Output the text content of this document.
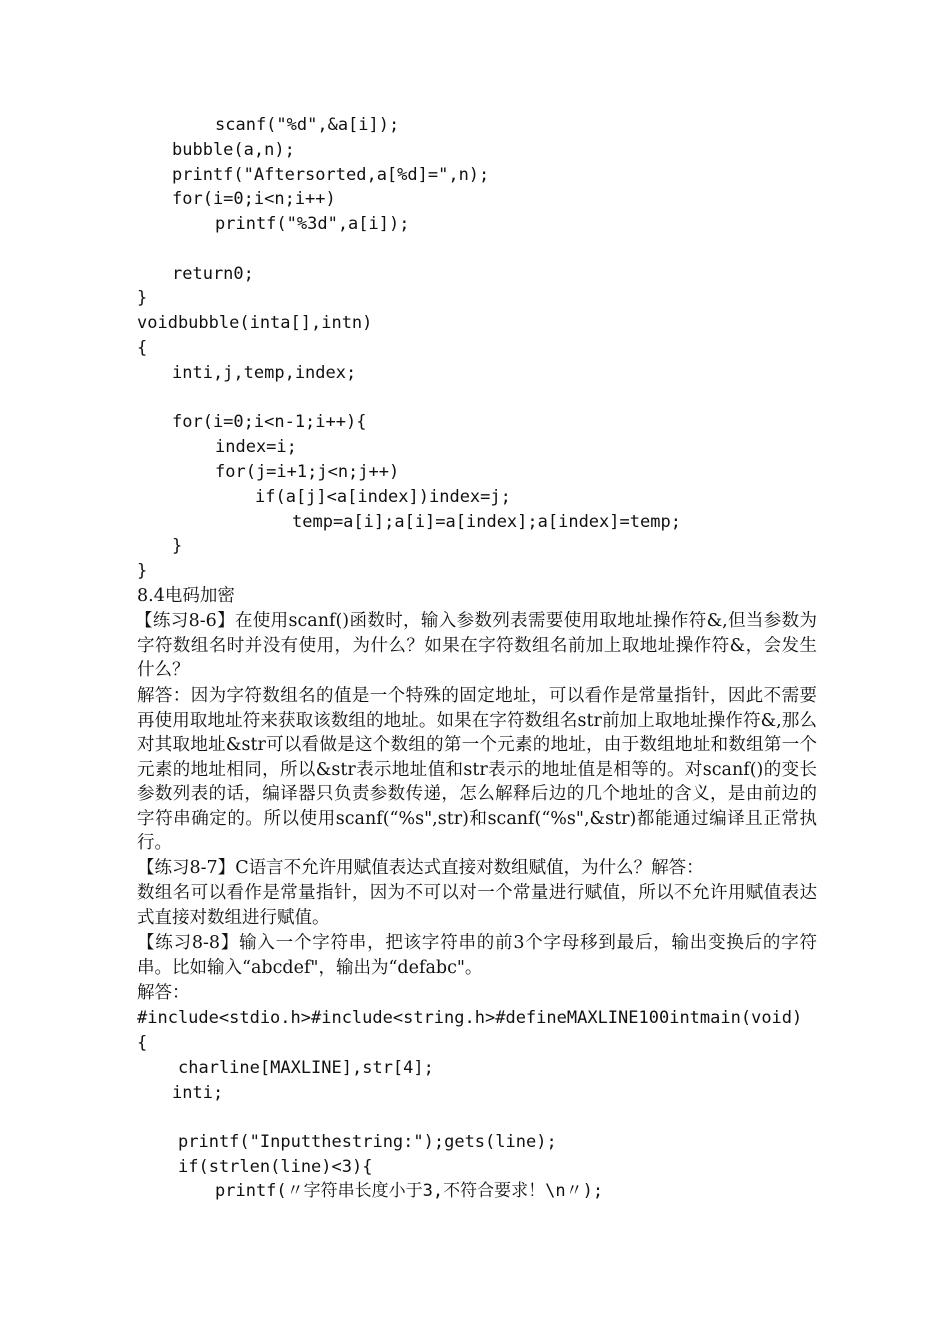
scanf("%d",&a[i]);
bubble(a,n);
printf("Aftersorted,a[%d]=",n);
for(i=0;i<n;i++)
printf("%3d",a[i]);
return0;
}
voidbubble(inta[],intn)
{
inti,j,temp,index;
for(i=0;i<n-1;i++){
index=i;
for(j=i+1;j<n;j++)
if(a[j]<a[index])index=j;
temp=a[i];a[i]=a[index];a[index]=temp;
}
}
8.4电码加密
【练习8-6】在使用scanf()函数时，输入参数列表需要使用取地址操作符&,但当参数为字符数组名时并没有使用，为什么？如果在字符数组名前加上取地址操作符&，会发生什么？
解答：因为字符数组名的值是一个特殊的固定地址，可以看作是常量指针，因此不需要再使用取地址符来获取该数组的地址。如果在字符数组名str前加上取地址操作符&,那么对其取地址&str可以看做是这个数组的第一个元素的地址，由于数组地址和数组第一个元素的地址相同，所以&str表示地址值和str表示的地址值是相等的。对scanf()的变长参数列表的话，编译器只负责参数传递，怎么解释后边的几个地址的含义，是由前边的字符串确定的。所以使用scanf(“%s",str)和scanf(“%s",&str)都能通过编译且正常执行。
【练习8-7】C语言不允许用赋值表达式直接对数组赋值，为什么？解答：
数组名可以看作是常量指针，因为不可以对一个常量进行赋值，所以不允许用赋值表达式直接对数组进行赋值。
【练习8-8】输入一个字符串，把该字符串的前3个字母移到最后，输出变换后的字符串。比如输入“abcdef"，输出为“defabc"。
解答：
#include<stdio.h>#include<string.h>#defineMAXLINE100intmain(void)
{
charline[MAXLINE],str[4];
inti;
printf("Inputthestring:");gets(line);
if(strlen(line)<3){
printf(〃字符串长度小于3,不符合要求！\n〃);
